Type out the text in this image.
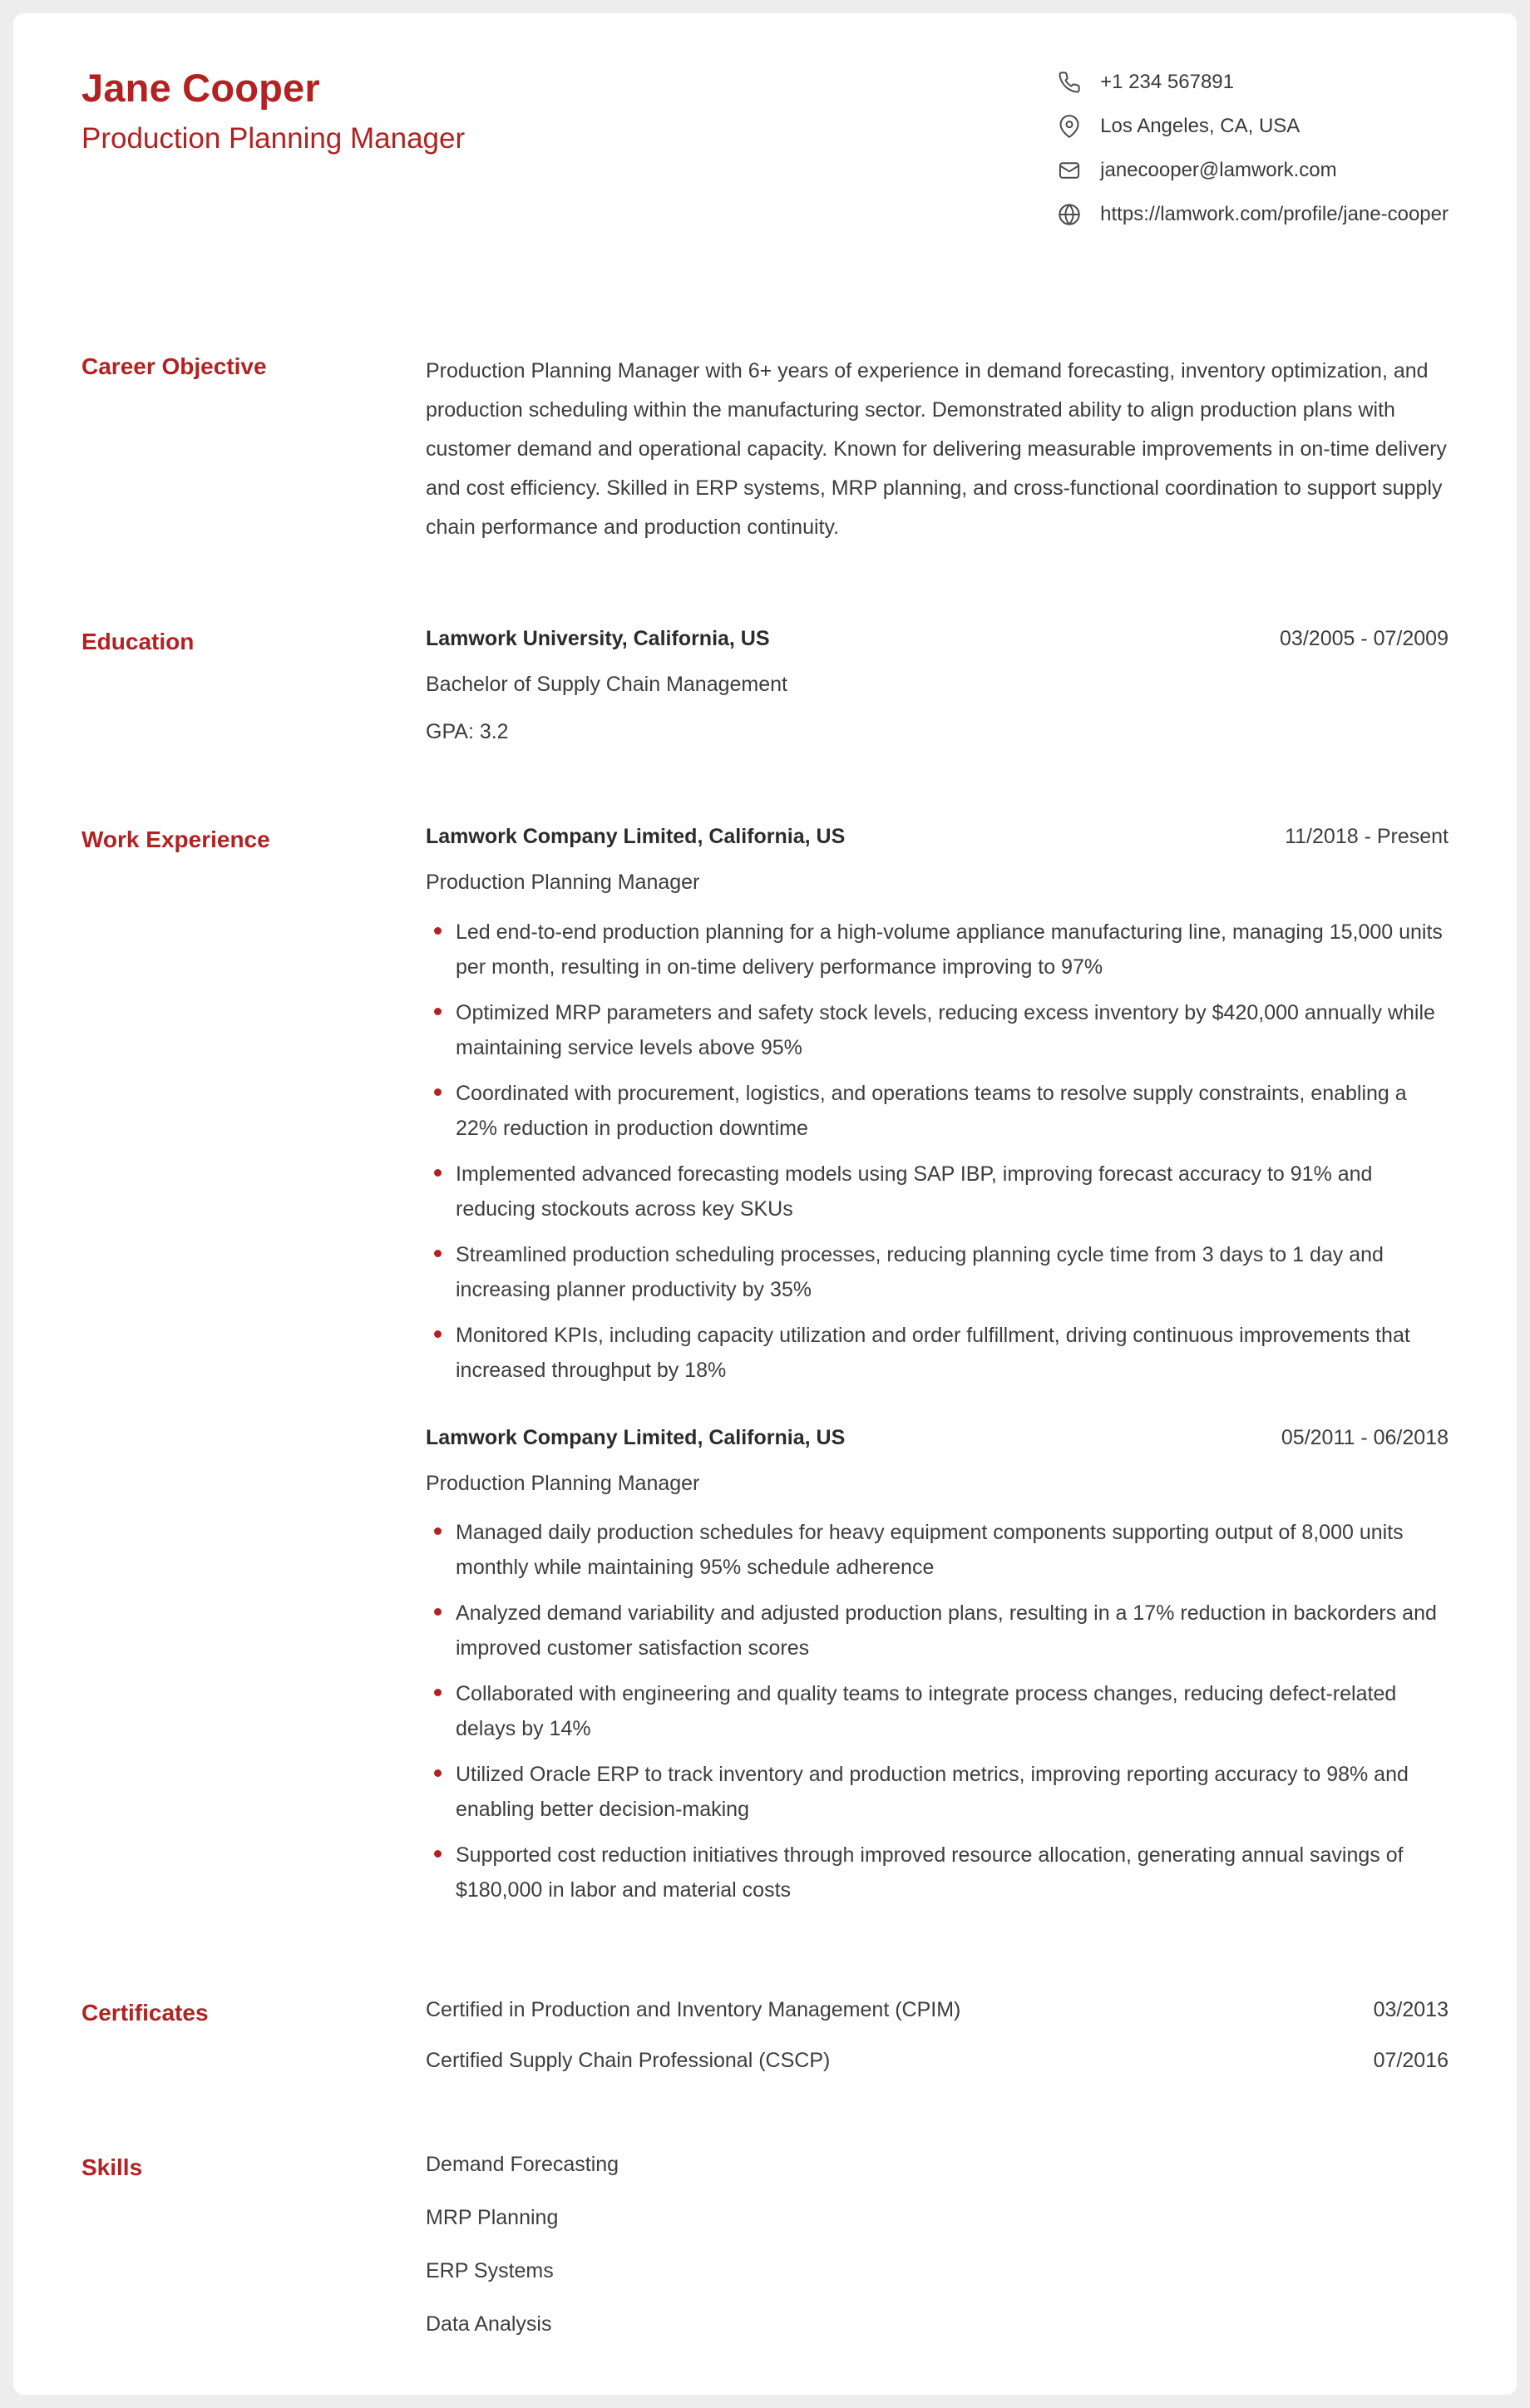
Jane Cooper
Production Planning Manager
+1 234 567891
Los Angeles, CA, USA
janecooper@lamwork.com
https://lamwork.com/profile/jane-cooper
Career Objective	Production Planning Manager with 6+ years of experience in demand forecasting, inventory optimization, and production scheduling within the manufacturing sector. Demonstrated ability to align production plans with customer demand and operational capacity. Known for delivering measurable improvements in on-time delivery and cost efficiency. Skilled in ERP systems, MRP planning, and cross-functional coordination to support supply chain performance and production continuity.

Education	Lamwork University, California, US	03/2005 - 07/2009
Bachelor of Supply Chain Management
GPA: 3.2
Work Experience	Lamwork Company Limited, California, US	11/2018 - Present
Production Planning Manager
Led end-to-end production planning for a high-volume appliance manufacturing line, managing 15,000 units per month, resulting in on-time delivery performance improving to 97%
Optimized MRP parameters and safety stock levels, reducing excess inventory by $420,000 annually while maintaining service levels above 95%
Coordinated with procurement, logistics, and operations teams to resolve supply constraints, enabling a 22% reduction in production downtime
Implemented advanced forecasting models using SAP IBP, improving forecast accuracy to 91% and reducing stockouts across key SKUs
Streamlined production scheduling processes, reducing planning cycle time from 3 days to 1 day and increasing planner productivity by 35%
Monitored KPIs, including capacity utilization and order fulfillment, driving continuous improvements that increased throughput by 18%
Lamwork Company Limited, California, US	05/2011 - 06/2018
Production Planning Manager
Managed daily production schedules for heavy equipment components supporting output of 8,000 units monthly while maintaining 95% schedule adherence
Analyzed demand variability and adjusted production plans, resulting in a 17% reduction in backorders and improved customer satisfaction scores
Collaborated with engineering and quality teams to integrate process changes, reducing defect-related delays by 14%
Utilized Oracle ERP to track inventory and production metrics, improving reporting accuracy to 98% and enabling better decision-making
Supported cost reduction initiatives through improved resource allocation, generating annual savings of $180,000 in labor and material costs
Certificates	Certified in Production and Inventory Management (CPIM)	03/2013
Certified Supply Chain Professional (CSCP)	07/2016
Skills	Demand Forecasting
MRP Planning
ERP Systems
Data Analysis
